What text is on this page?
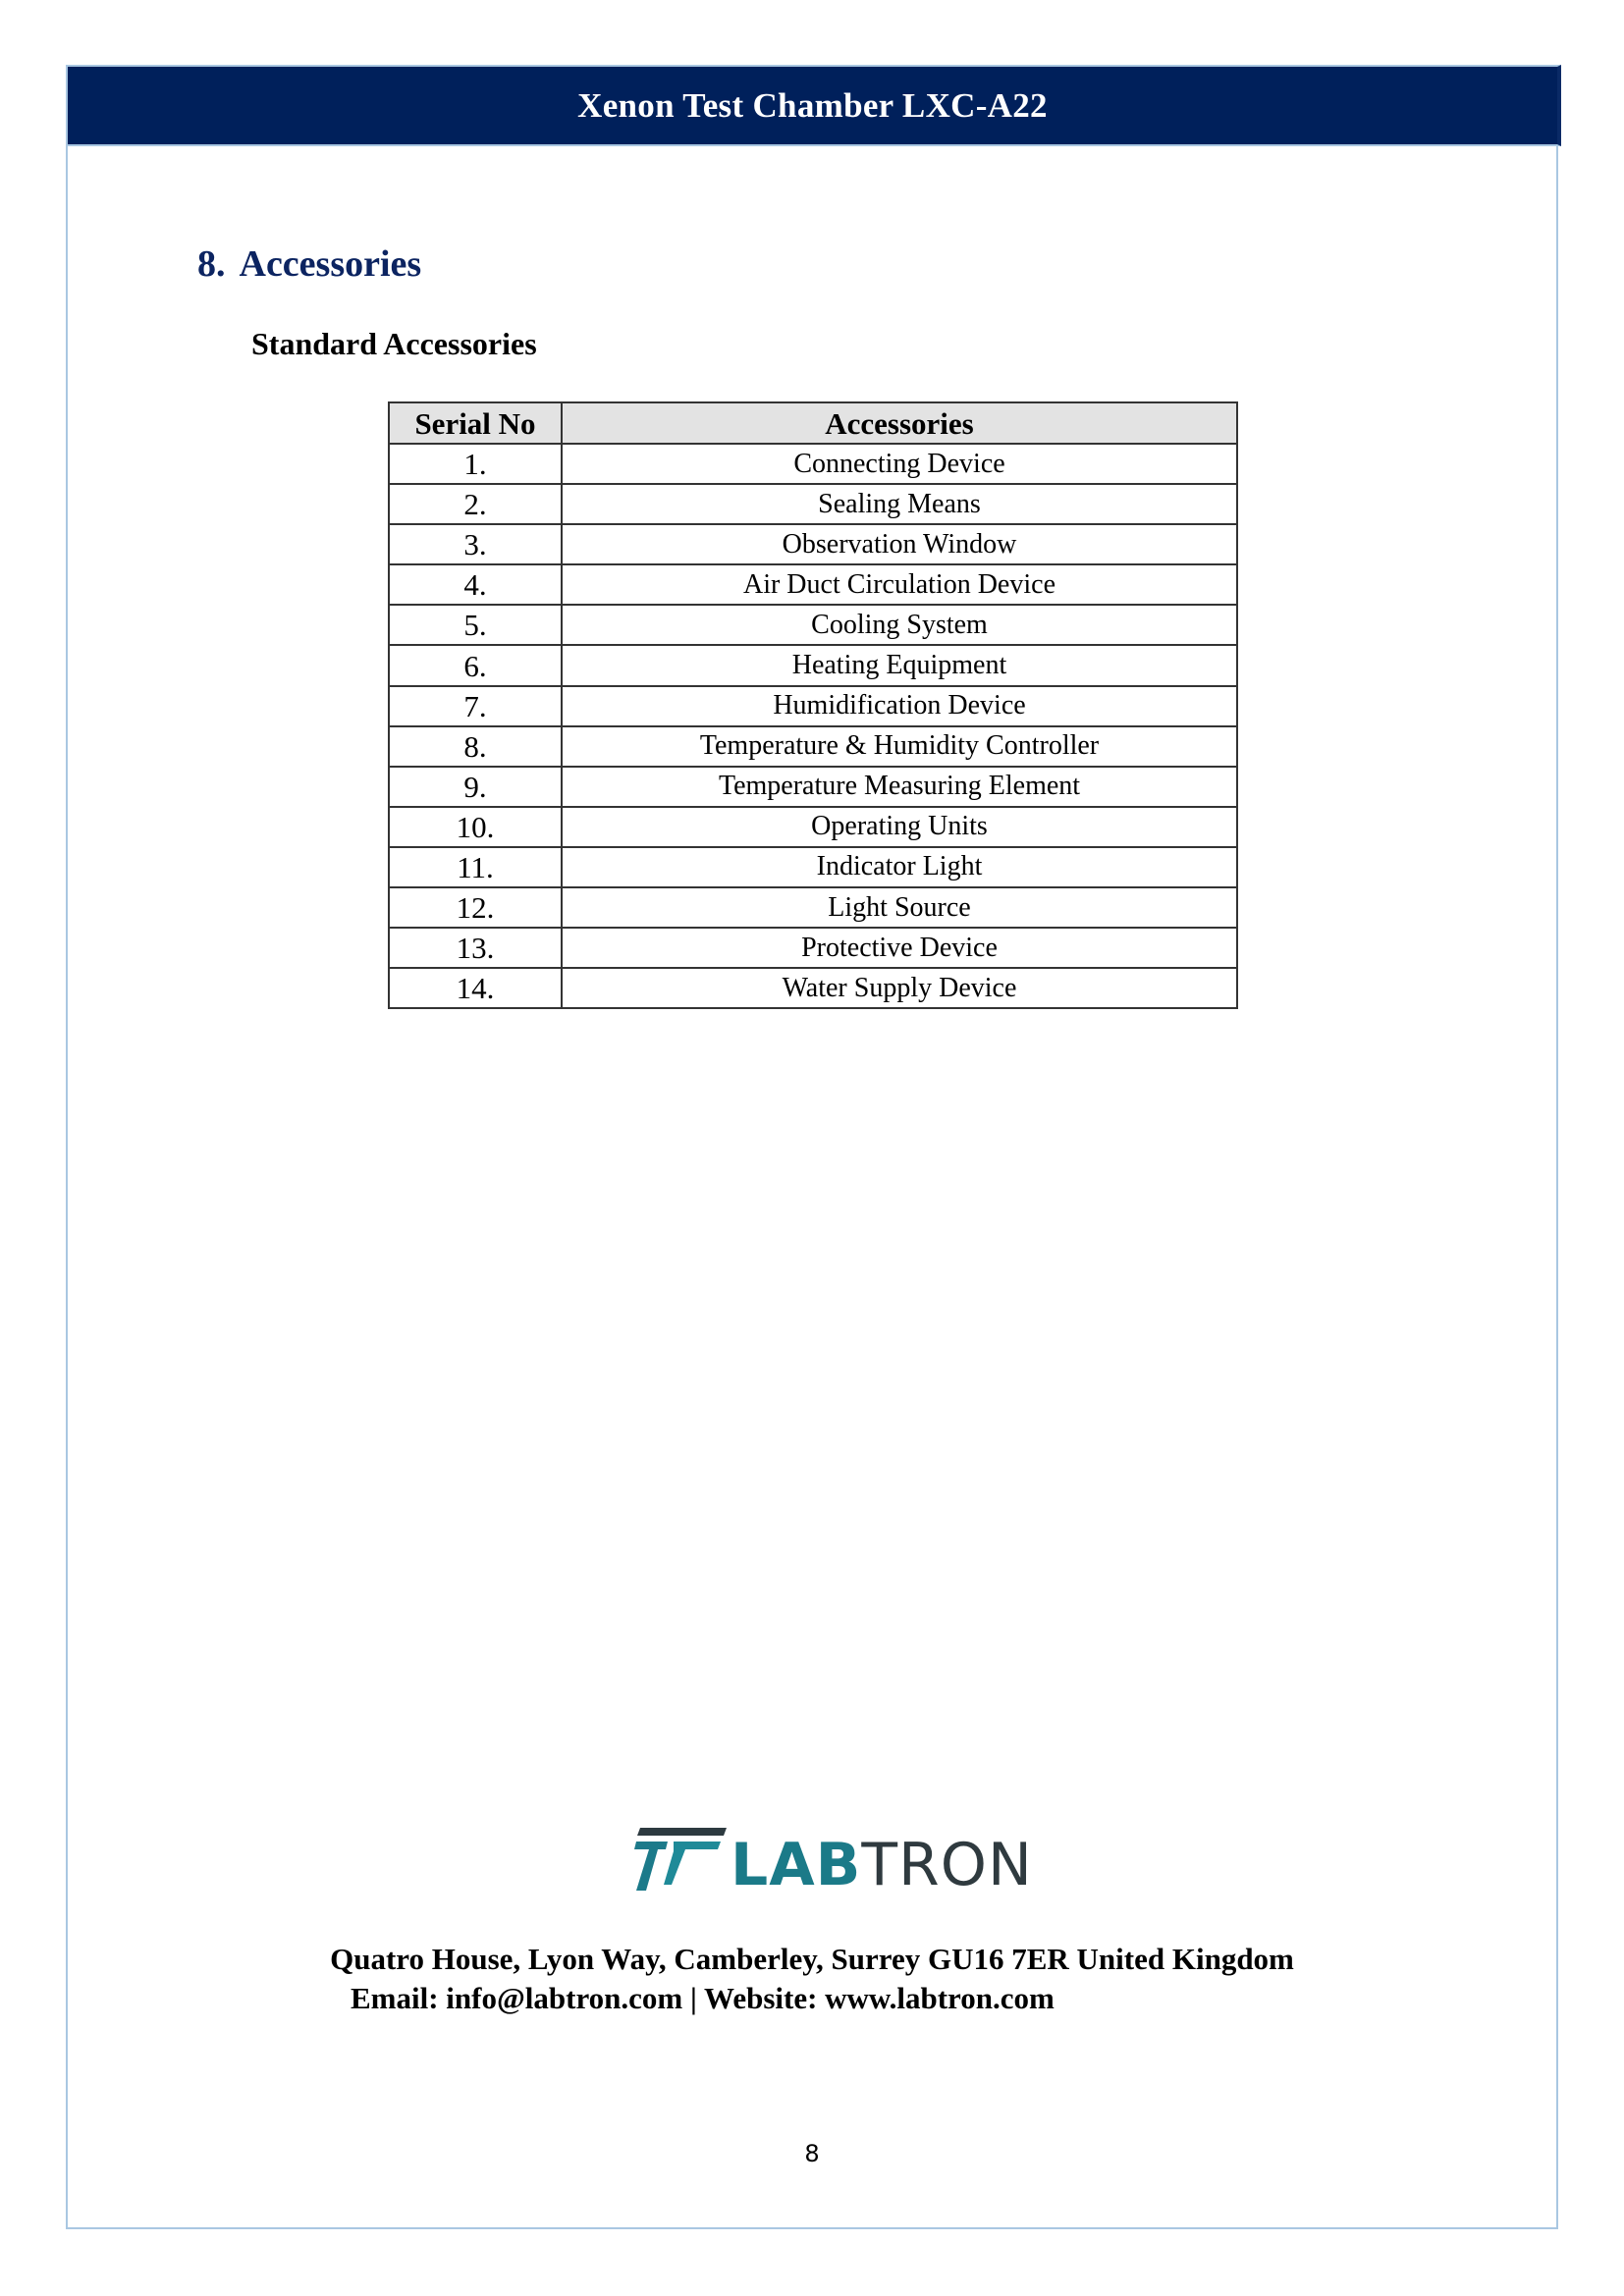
Xenon Test Chamber LXC-A22
8. Accessories
Standard Accessories
Serial No	Accessories
1.	Connecting Device
2.	Sealing Means
3.	Observation Window
4.	Air Duct Circulation Device
5.	Cooling System
6.	Heating Equipment
7.	Humidification Device
8.	Temperature & Humidity Controller
9.	Temperature Measuring Element
10.	Operating Units
11.	Indicator Light
12.	Light Source
13.	Protective Device
14.	Water Supply Device
LABTRON

Quatro House, Lyon Way, Camberley, Surrey GU16 7ER United Kingdom

Email: info@labtron.com | Website: www.labtron.com

8
